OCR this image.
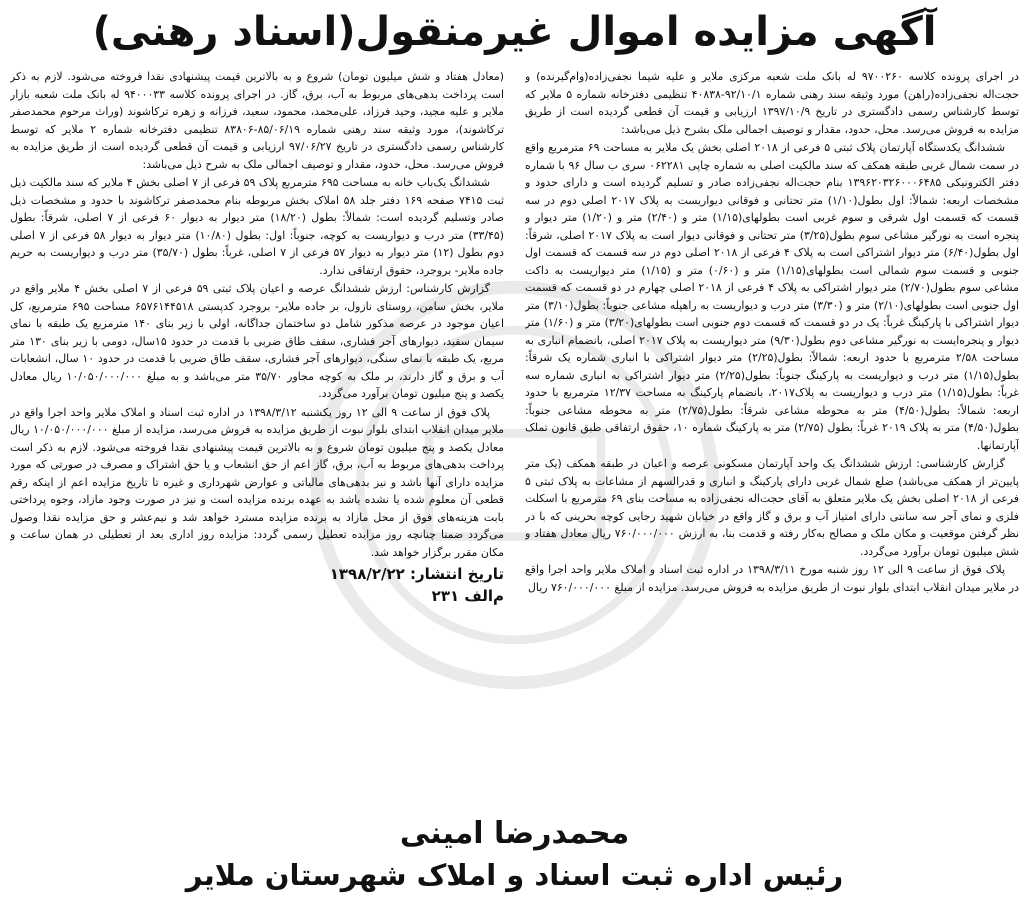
آگهی مزایده اموال غیرمنقول(اسناد رهنی)

در اجرای پرونده کلاسه ۹۷۰۰۲۶۰ له بانک ملت شعبه مرکزی ملایر و علیه شیما نجفی‌زاده(وام‌گیرنده) و حجت‌اله نجفی‌زاده(راهن) مورد وثیقه سند رهنی شماره ۹۲/۱۰/۱-۴۰۸۳۸ تنظیمی دفترخانه شماره ۵ ملایر که توسط کارشناس رسمی دادگستری در تاریخ ۱۳۹۷/۱۰/۹ ارزیابی و قیمت آن قطعی گردیده است از طریق مزایده به فروش می‌رسد. محل، حدود، مقدار و توصیف اجمالی ملک بشرح ذیل می‌باشد:

ششدانگ یکدستگاه آپارتمان پلاک ثبتی ۵ فرعی از ۲۰۱۸ اصلی بخش یک ملایر به مساحت ۶۹ مترمربع واقع در سمت شمال غربی طبقه همکف که سند مالکیت اصلی به شماره چاپی ۰۶۲۲۸۱ سری ب سال ۹۶ با شماره دفتر الکترونیکی ۱۳۹۶۲۰۳۲۶۰۰۰۶۴۸۵ بنام حجت‌اله نجفی‌زاده صادر و تسلیم گردیده است و دارای حدود و مشخصات اربعه: شمالاً: اول بطول(۱/۱۰) متر تحتانی و فوقانی دیواریست به پلاک ۲۰۱۷ اصلی دوم در سه قسمت که قسمت اول شرقی و سوم غربی است بطولهای(۱/۱۵) متر و (۲/۴۰) متر و (۱/۲۰) متر دیوار و پنجره است به نورگیر مشاعی سوم بطول(۳/۲۵) متر تحتانی و فوقانی دیوار است به پلاک ۲۰۱۷ اصلی، شرقاً: اول بطول(۶/۴۰) متر دیوار اشتراکی است به پلاک ۴ فرعی از ۲۰۱۸ اصلی دوم در سه قسمت که قسمت اول جنوبی و قسمت سوم شمالی است بطولهای(۱/۱۵) متر و (۰/۶۰) متر و (۱/۱۵) متر دیواریست به داکت مشاعی سوم بطول(۲/۷۰) متر دیوار اشتراکی به پلاک ۴ فرعی از ۲۰۱۸ اصلی چهارم در دو قسمت که قسمت اول جنوبی است بطولهای(۲/۱۰) متر و (۳/۳۰) متر درب و دیواریست به راهپله مشاعی جنوباً: بطول(۳/۱۰) متر دیوار اشتراکی با پارکینگ غرباً: یک در دو قسمت که قسمت دوم جنوبی است بطولهای(۳/۲۰) متر و (۱/۶۰) متر دیوار و پنجره‌ایست به نورگیر مشاعی دوم بطول(۹/۳۰) متر دیواریست به پلاک ۲۰۱۷ اصلی، بانضمام انباری به مساحت ۲/۵۸ مترمربع با حدود اربعه: شمالاً: بطول(۲/۲۵) متر دیوار اشتراکی با انباری شماره یک شرقاً: بطول(۱/۱۵) متر درب و دیواریست به پارکینگ جنوباً: بطول(۲/۲۵) متر دیوار اشتراکی به انباری شماره سه غرباً: بطول(۱/۱۵) متر درب و دیواریست به پلاک۲۰۱۷، بانضمام پارکینگ به مساحت ۱۲/۳۷ مترمربع با حدود اربعه: شمالاً: بطول(۴/۵۰) متر به محوطه مشاعی شرقاً: بطول(۲/۷۵) متر به محوطه مشاعی جنوباً: بطول(۴/۵۰) متر به پلاک ۲۰۱۹ غرباً: بطول (۲/۷۵) متر به پارکینگ شماره ۱۰، حقوق ارتفاقی طبق قانون تملک آپارتمانها.

گزارش کارشناسی: ارزش ششدانگ یک واحد آپارتمان مسکونی عرصه و اعیان در طبقه همکف (یک متر پایین‌تر از همکف می‌باشد) ضلع شمال غربی دارای پارکینگ و انباری و قدرالسهم از مشاعات به پلاک ثبتی ۵ فرعی از ۲۰۱۸ اصلی بخش یک ملایر متعلق به آقای حجت‌اله نجفی‌زاده به مساحت بنای ۶۹ مترمربع با اسکلت فلزی و نمای آجر سه سانتی دارای امتیاز آب و برق و گاز واقع در خیابان شهید رجایی کوچه بحرینی که با در نظر گرفتن موقعیت و مکان ملک و مصالح به‌کار رفته و قدمت بنا، به ارزش ۷۶۰/۰۰۰/۰۰۰ ریال معادل هفتاد و شش میلیون تومان برآورد می‌گردد.

پلاک فوق از ساعت ۹ الی ۱۲ روز شنبه مورخ ۱۳۹۸/۳/۱۱ در اداره ثبت اسناد و املاک ملایر واحد اجرا واقع در ملایر میدان انقلاب ابتدای بلوار نبوت از طریق مزایده به فروش می‌رسد. مزایده از مبلغ ۷۶۰/۰۰۰/۰۰۰ ریال

(معادل هفتاد و شش میلیون تومان) شروع و به بالاترین قیمت پیشنهادی نقدا فروخته می‌شود. لازم به ذکر است پرداخت بدهی‌های مربوط به آب، برق، گاز. در اجرای پرونده کلاسه ۹۴۰۰۰۳۳ له بانک ملت شعبه بازار ملایر و علیه مجید، وحید فرزاد، علی‌محمد، محمود، سعید، فرزانه و زهره ترکاشوند (وراث مرحوم محمدصفر ترکاشوند)، مورد وثیقه سند رهنی شماره ۸۵/۰۶/۱۹-۸۳۸۰۶ تنظیمی دفترخانه شماره ۲ ملایر که توسط کارشناس رسمی دادگستری در تاریخ ۹۷/۰۶/۲۷ ارزیابی و قیمت آن قطعی گردیده است از طریق مزایده به فروش می‌رسد. محل، حدود، مقدار و توصیف اجمالی ملک به شرح ذیل می‌باشد:

ششدانگ یک‌باب خانه به مساحت ۶۹۵ مترمربع پلاک ۵۹ فرعی از ۷ اصلی بخش ۴ ملایر که سند مالکیت ذیل ثبت ۷۴۱۵ صفحه ۱۶۹ دفتر جلد ۵۸ املاک بخش مربوطه بنام محمدصفر ترکاشوند با حدود و مشخصات ذیل صادر وتسلیم گردیده است: شمالاً: بطول (۱۸/۲۰) متر دیوار به دیوار ۶۰ فرعی از ۷ اصلی، شرقاً: بطول (۳۳/۴۵) متر درب و دیواریست به کوچه، جنوباً: اول: بطول (۱۰/۸۰) متر دیوار به دیوار ۵۸ فرعی از ۷ اصلی دوم بطول (۱۲) متر دیوار به دیوار ۵۷ فرعی از ۷ اصلی، غرباً: بطول (۳۵/۷۰) متر درب و دیواریست به حریم جاده ملایر- بروجرد، حقوق ارتفاقی ندارد.

گزارش کارشناس: ارزش ششدانگ عرصه و اعیان پلاک ثبتی ۵۹ فرعی از ۷ اصلی بخش ۴ ملایر واقع در ملایر، بخش سامن، روستای نازول، بر جاده ملایر- بروجرد کدپستی ۶۵۷۶۱۴۴۵۱۸ مساحت ۶۹۵ مترمربع، کل اعیان موجود در عرصه مذکور شامل دو ساختمان جداگانه، اولی با زیر بنای ۱۴۰ مترمربع یک طبقه با نمای سیمان سفید، دیوارهای آجر فشاری، سقف طاق ضربی با قدمت در حدود ۱۵سال، دومی با زیر بنای ۱۳۰ متر مربع، یک طبقه با نمای سنگی، دیوارهای آجر فشاری، سقف طاق ضربی با قدمت در حدود ۱۰ سال، انشعابات آب و برق و گاز دارند، بر ملک به کوچه مجاور ۳۵/۷۰ متر می‌باشد و به مبلغ ۱۰/۰۵۰/۰۰۰/۰۰۰ ریال معادل یکصد و پنج میلیون تومان برآورد می‌گردد.

پلاک فوق از ساعت ۹ الی ۱۲ روز یکشنبه ۱۳۹۸/۳/۱۲ در اداره ثبت اسناد و املاک ملایر واحد اجرا واقع در ملایر میدان انقلاب ابتدای بلوار نبوت از طریق مزایده به فروش می‌رسد، مزایده از مبلغ ۱۰/۰۵۰/۰۰۰/۰۰۰ ریال معادل یکصد و پنج میلیون تومان شروع و به بالاترین قیمت پیشنهادی نقدا فروخته می‌شود. لازم به ذکر است پرداخت بدهی‌های مربوط به آب، برق، گاز اعم از حق انشعاب و یا حق اشتراک و مصرف در صورتی که مورد مزایده دارای آنها باشد و نیز بدهی‌های مالیاتی و عوارض شهرداری و غیره تا تاریخ مزایده اعم از اینکه رقم قطعی آن معلوم شده یا نشده باشد به عهده برنده مزایده است و نیز در صورت وجود مازاد، وجوه پرداختی بابت هزینه‌های فوق از محل مازاد به برنده مزایده مسترد خواهد شد و نیم‌عشر و حق مزایده نقدا وصول می‌گردد ضمنا چنانچه روز مزایده تعطیل رسمی گردد: مزایده روز اداری بعد از تعطیلی در همان ساعت و مکان مقرر برگزار خواهد شد.

تاریخ انتشار: ۱۳۹۸/۲/۲۲
م‌الف ۲۳۱
محمدرضا امینی
رئیس اداره ثبت اسناد و املاک شهرستان ملایر
